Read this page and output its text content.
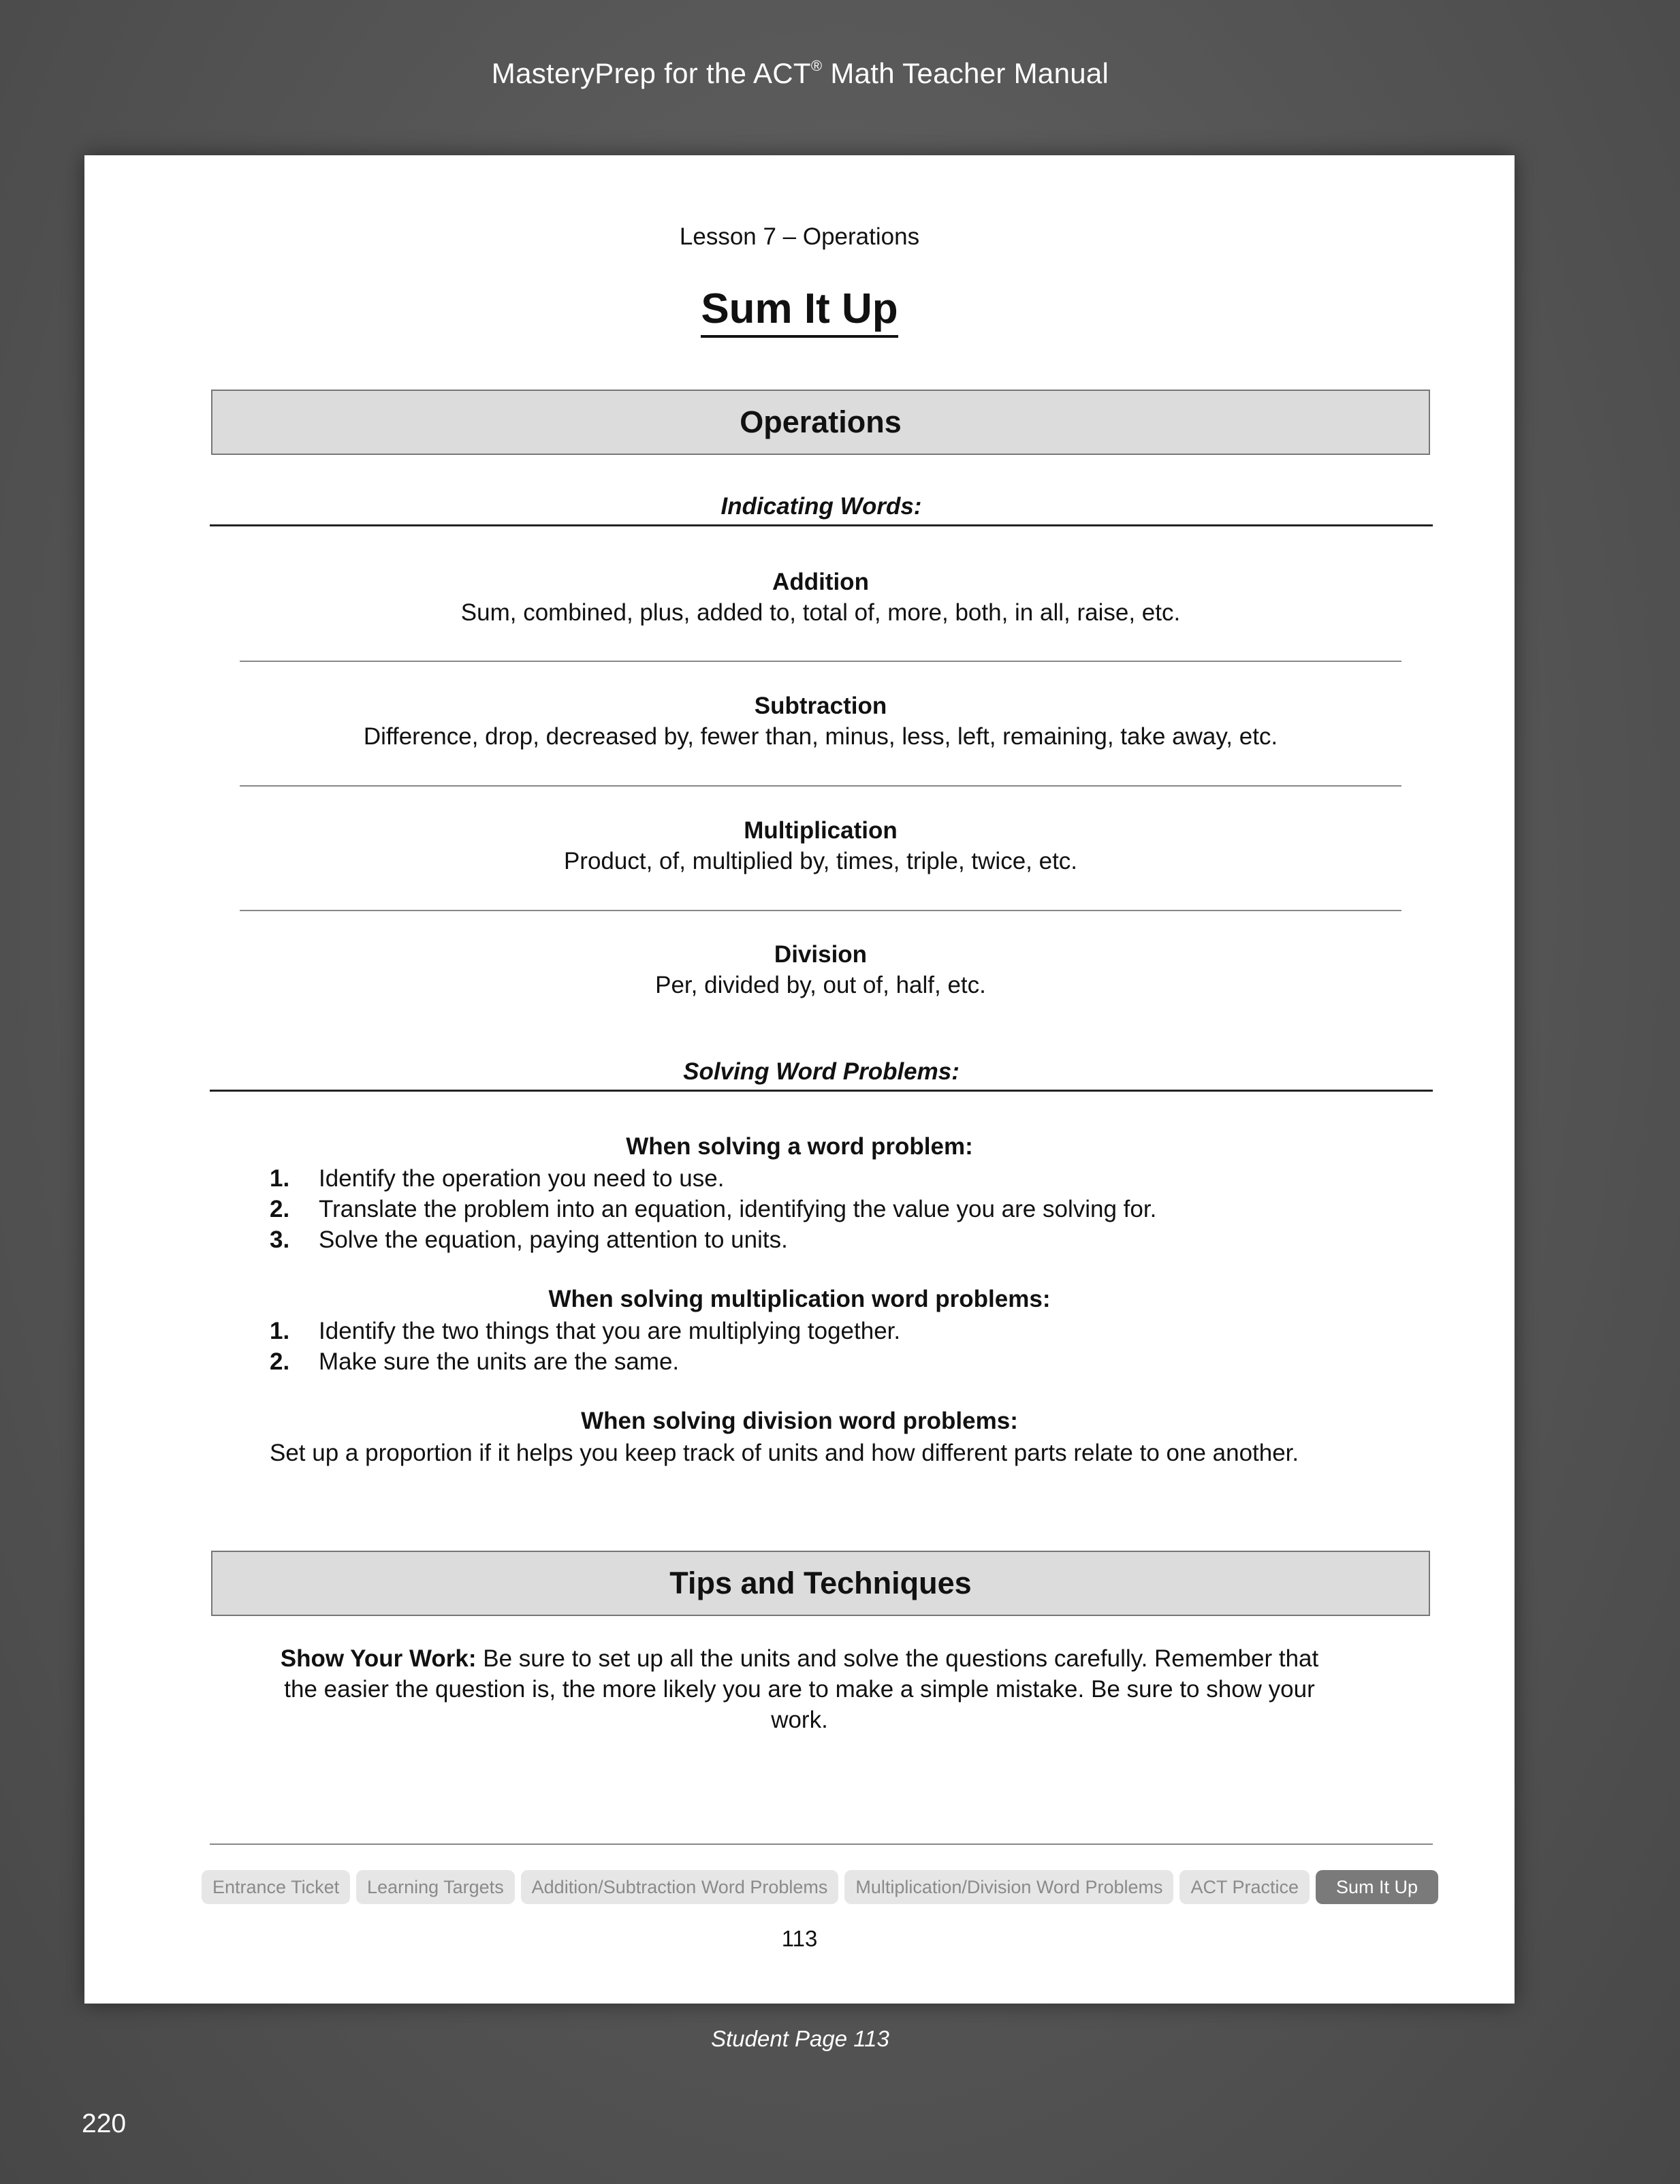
MasteryPrep for the ACT® Math Teacher Manual
Lesson 7 – Operations
Sum It Up
Operations
Indicating Words:
Addition
Sum, combined, plus, added to, total of, more, both, in all, raise, etc.
Subtraction
Difference, drop, decreased by, fewer than, minus, less, left, remaining, take away, etc.
Multiplication
Product, of, multiplied by, times, triple, twice, etc.
Division
Per, divided by, out of, half, etc.
Solving Word Problems:
When solving a word problem:
1.	Identify the operation you need to use.
2.	Translate the problem into an equation, identifying the value you are solving for.
3.	Solve the equation, paying attention to units.
When solving multiplication word problems:
1.	Identify the two things that you are multiplying together.
2.	Make sure the units are the same.
When solving division word problems:
Set up a proportion if it helps you keep track of units and how different parts relate to one another.
Tips and Techniques
Show Your Work: Be sure to set up all the units and solve the questions carefully. Remember that the easier the question is, the more likely you are to make a simple mistake. Be sure to show your work.
Entrance Ticket	Learning Targets	Addition/Subtraction Word Problems	Multiplication/Division Word Problems	ACT Practice	Sum It Up
113
Student Page 113
220
